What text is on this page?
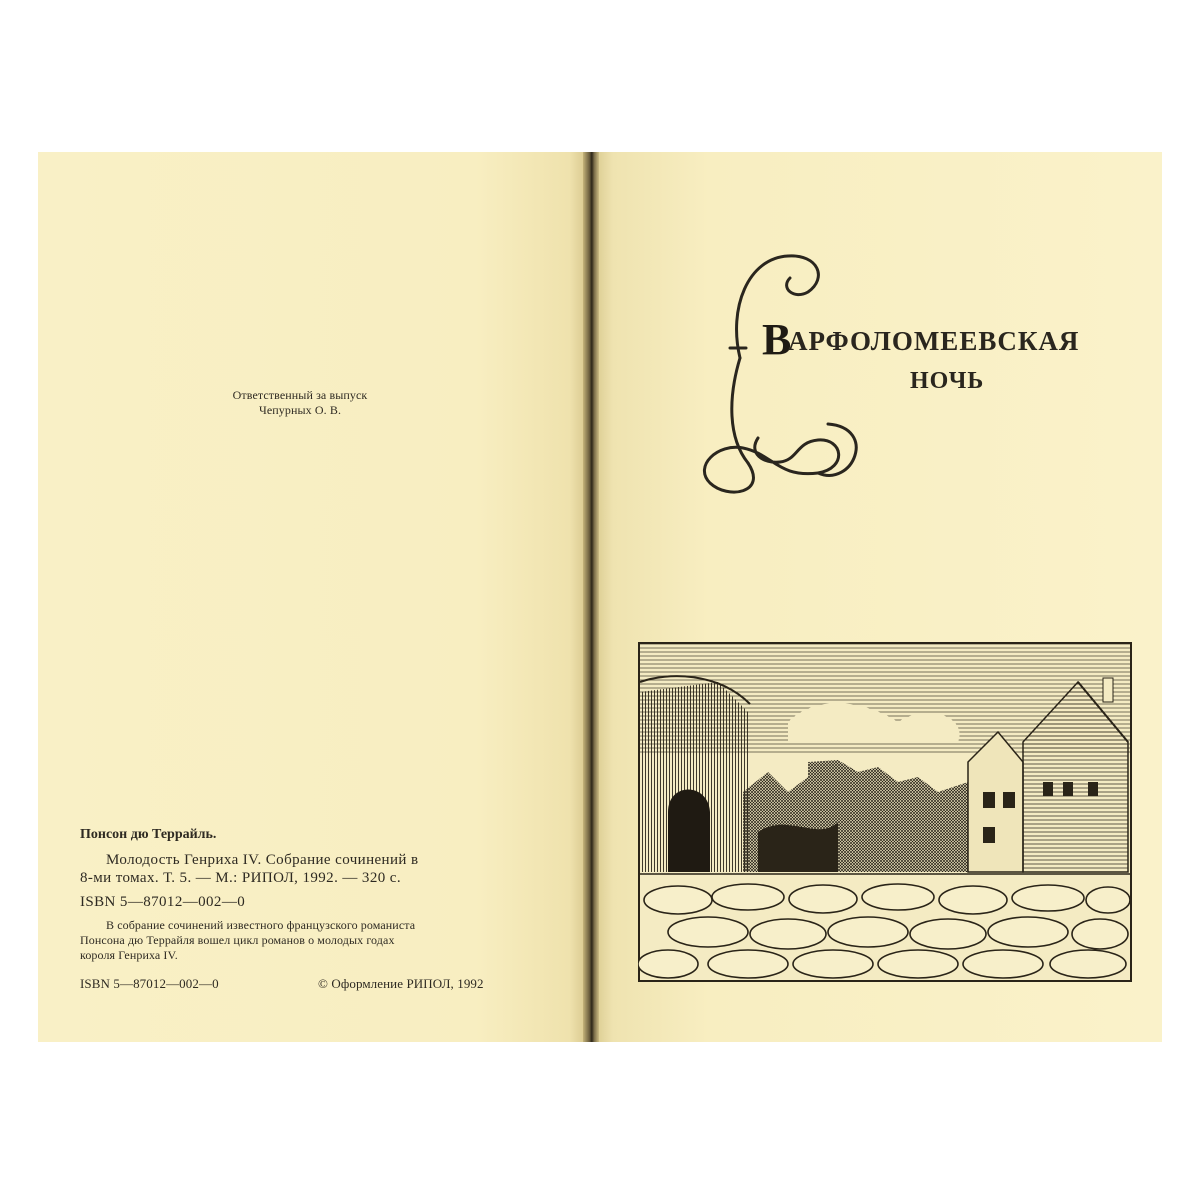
Ответственный за выпуск
Чепурных О. В.
Понсон дю Террайль.
Молодость Генриха IV. Собрание сочинений в
8-ми томах. Т. 5. — М.: РИПОЛ, 1992. — 320 с.
ISBN 5—87012—002—0
В собрание сочинений известного французского романиста
Понсона дю Террайля вошел цикл романов о молодых годах
короля Генриха IV.
ISBN 5—87012—002—0	© Оформление РИПОЛ, 1992
В
АРФОЛОМЕЕВСКАЯ
НОЧЬ
